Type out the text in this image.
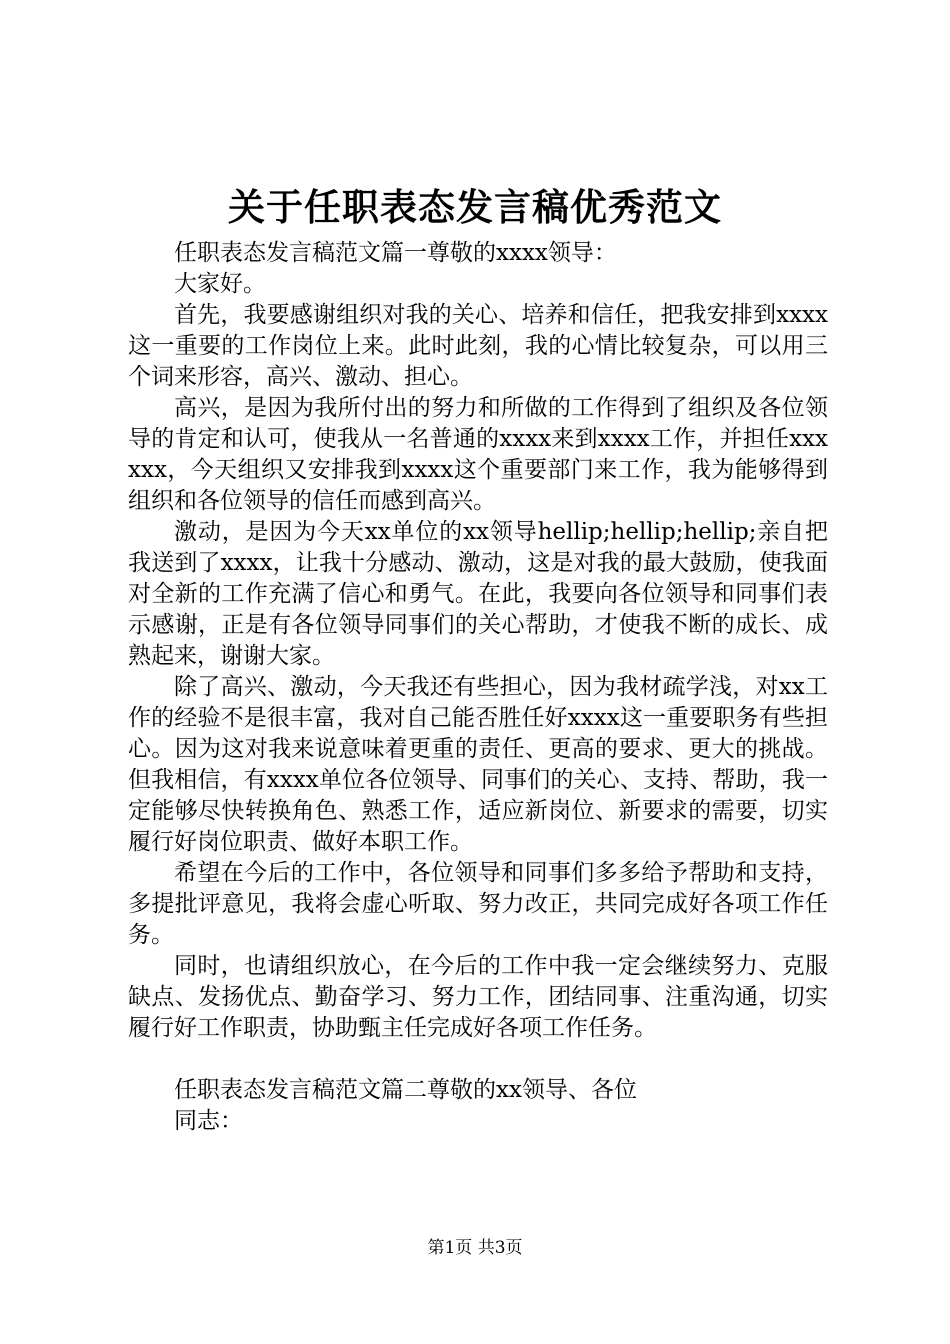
关于任职表态发言稿优秀范文

任职表态发言稿范文篇一尊敬的xxxx领导：

大家好。

首先，我要感谢组织对我的关心、培养和信任，把我安排到xxxx这一重要的工作岗位上来。此时此刻，我的心情比较复杂，可以用三个词来形容，高兴、激动、担心。

高兴，是因为我所付出的努力和所做的工作得到了组织及各位领导的肯定和认可，使我从一名普通的xxxx来到xxxx工作，并担任xxxxxx，今天组织又安排我到xxxx这个重要部门来工作，我为能够得到组织和各位领导的信任而感到高兴。

激动，是因为今天xx单位的xx领导hellip;hellip;hellip;亲自把我送到了xxxx，让我十分感动、激动，这是对我的最大鼓励，使我面对全新的工作充满了信心和勇气。在此，我要向各位领导和同事们表示感谢，正是有各位领导同事们的关心帮助，才使我不断的成长、成熟起来，谢谢大家。

除了高兴、激动，今天我还有些担心，因为我材疏学浅，对xx工作的经验不是很丰富，我对自己能否胜任好xxxx这一重要职务有些担心。因为这对我来说意味着更重的责任、更高的要求、更大的挑战。但我相信，有xxxx单位各位领导、同事们的关心、支持、帮助，我一定能够尽快转换角色、熟悉工作，适应新岗位、新要求的需要，切实履行好岗位职责、做好本职工作。

希望在今后的工作中，各位领导和同事们多多给予帮助和支持，多提批评意见，我将会虚心听取、努力改正，共同完成好各项工作任务。

同时，也请组织放心，在今后的工作中我一定会继续努力、克服缺点、发扬优点、勤奋学习、努力工作，团结同事、注重沟通，切实履行好工作职责，协助甄主任完成好各项工作任务。

任职表态发言稿范文篇二尊敬的xx领导、各位

同志：

第1页 共3页
